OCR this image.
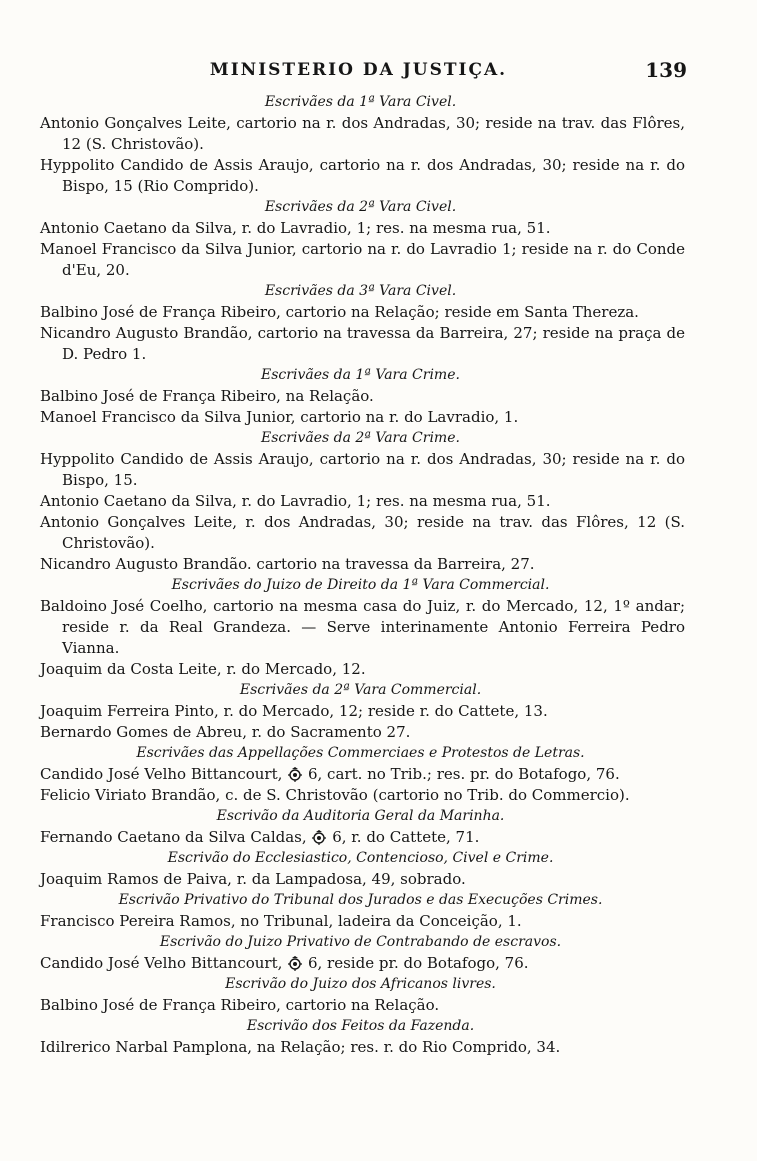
MINISTERIO DA JUSTIÇA.	139
Escrivães da 1ª Vara Civel.
Antonio Gonçalves Leite, cartorio na r. dos Andradas, 30; reside na trav. das Flôres, 12 (S. Christovão).
Hyppolito Candido de Assis Araujo, cartorio na r. dos Andradas, 30; reside na r. do Bispo, 15 (Rio Comprido).
Escrivães da 2ª Vara Civel.
Antonio Caetano da Silva, r. do Lavradio, 1; res. na mesma rua, 51.
Manoel Francisco da Silva Junior, cartorio na r. do Lavradio 1; reside na r. do Conde d'Eu, 20.
Escrivães da 3ª Vara Civel.
Balbino José de França Ribeiro, cartorio na Relação; reside em Santa Thereza.
Nicandro Augusto Brandão, cartorio na travessa da Barreira, 27; reside na praça de D. Pedro 1.
Escrivães da 1ª Vara Crime.
Balbino José de França Ribeiro, na Relação.
Manoel Francisco da Silva Junior, cartorio na r. do Lavradio, 1.
Escrivães da 2ª Vara Crime.
Hyppolito Candido de Assis Araujo, cartorio na r. dos Andradas, 30; reside na r. do Bispo, 15.
Antonio Caetano da Silva, r. do Lavradio, 1; res. na mesma rua, 51.
Antonio Gonçalves Leite, r. dos Andradas, 30; reside na trav. das Flôres, 12 (S. Christovão).
Nicandro Augusto Brandão. cartorio na travessa da Barreira, 27.
Escrivães do Juizo de Direito da 1ª Vara Commercial.
Baldoino José Coelho, cartorio na mesma casa do Juiz, r. do Mercado, 12, 1º andar; reside r. da Real Grandeza. — Serve interinamente Antonio Ferreira Pedro Vianna.
Joaquim da Costa Leite, r. do Mercado, 12.
Escrivães da 2ª Vara Commercial.
Joaquim Ferreira Pinto, r. do Mercado, 12; reside r. do Cattete, 13.
Bernardo Gomes de Abreu, r. do Sacramento 27.
Escrivães das Appellações Commerciaes e Protestos de Letras.
Candido José Velho Bittancourt, 6, cart. no Trib.; res. pr. do Botafogo, 76.
Felicio Viriato Brandão, c. de S. Christovão (cartorio no Trib. do Commercio).
Escrivão da Auditoria Geral da Marinha.
Fernando Caetano da Silva Caldas, 6, r. do Cattete, 71.
Escrivão do Ecclesiastico, Contencioso, Civel e Crime.
Joaquim Ramos de Paiva, r. da Lampadosa, 49, sobrado.
Escrivão Privativo do Tribunal dos Jurados e das Execuções Crimes.
Francisco Pereira Ramos, no Tribunal, ladeira da Conceição, 1.
Escrivão do Juizo Privativo de Contrabando de escravos.
Candido José Velho Bittancourt, 6, reside pr. do Botafogo, 76.
Escrivão do Juizo dos Africanos livres.
Balbino José de França Ribeiro, cartorio na Relação.
Escrivão dos Feitos da Fazenda.
Idilrerico Narbal Pamplona, na Relação; res. r. do Rio Comprido, 34.
